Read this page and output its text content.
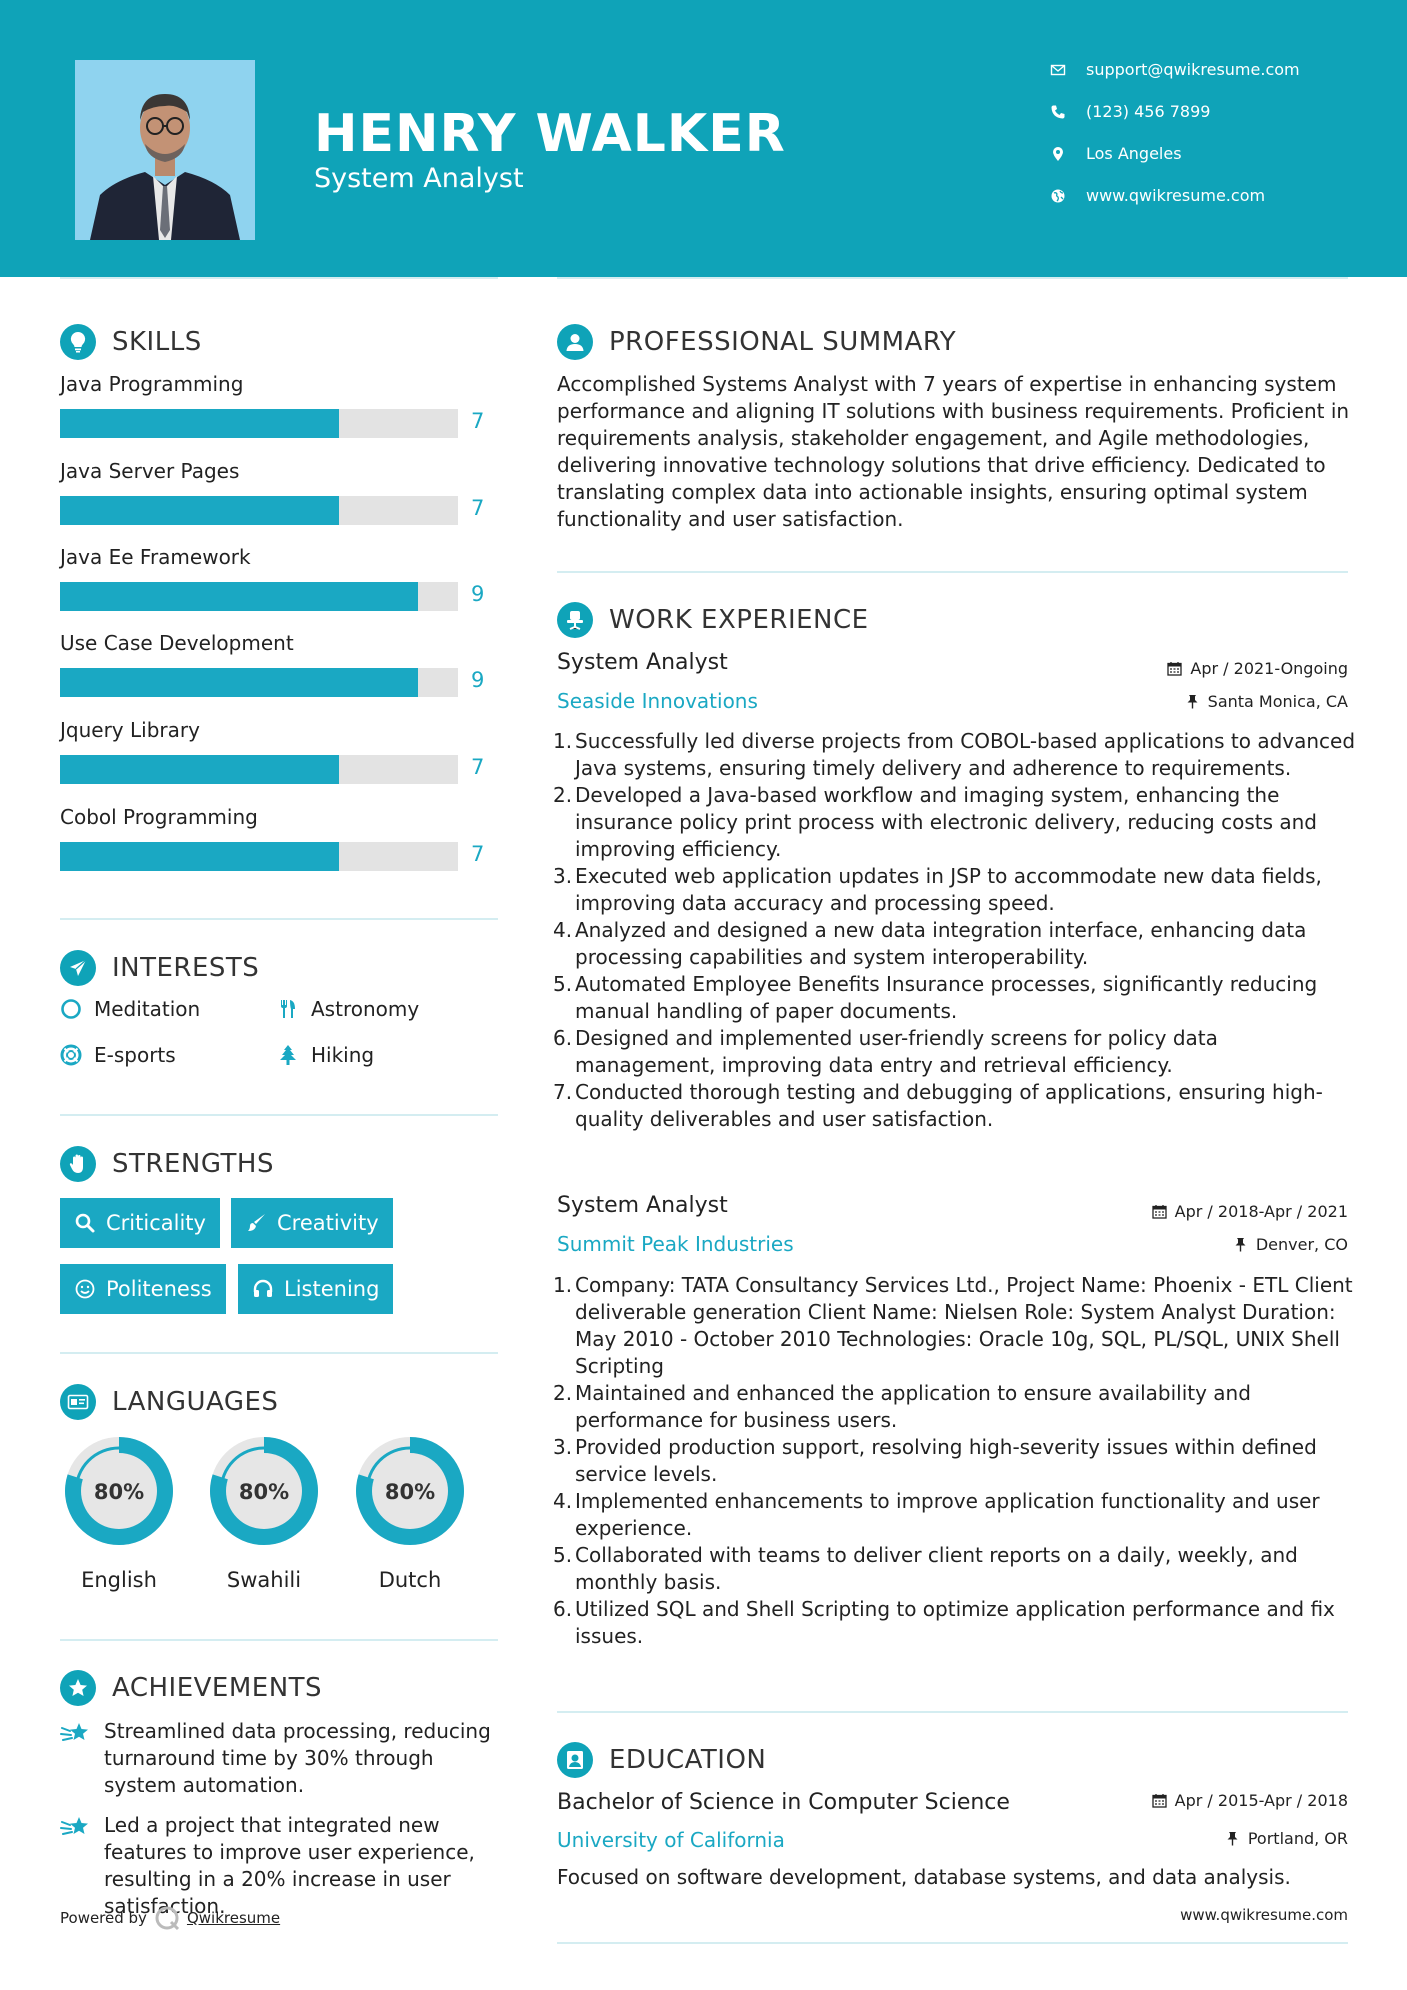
HENRY WALKER
System Analyst
support@qwikresume.com
(123) 456 7899
Los Angeles
www.qwikresume.com
SKILLS
Java Programming
7
Java Server Pages
7
Java Ee Framework
9
Use Case Development
9
Jquery Library
7
Cobol Programming
7
INTERESTS
Meditation	Astronomy
E-sports	Hiking
STRENGTHS
Criticality	Creativity
Politeness	Listening
LANGUAGES
80%
English
80%
Swahili
80%
Dutch
ACHIEVEMENTS
Streamlined data processing, reducing turnaround time by 30% through system automation.
Led a project that integrated new features to improve user experience, resulting in a 20% increase in user satisfaction.
PROFESSIONAL SUMMARY
Accomplished Systems Analyst with 7 years of expertise in enhancing system performance and aligning IT solutions with business requirements. Proficient in requirements analysis, stakeholder engagement, and Agile methodologies, delivering innovative technology solutions that drive efficiency. Dedicated to translating complex data into actionable insights, ensuring optimal system functionality and user satisfaction.
WORK EXPERIENCE
System Analyst	Apr / 2021-Ongoing
Seaside Innovations	Santa Monica, CA
1. Successfully led diverse projects from COBOL-based applications to advanced Java systems, ensuring timely delivery and adherence to requirements.
2. Developed a Java-based workflow and imaging system, enhancing the insurance policy print process with electronic delivery, reducing costs and improving efficiency.
3. Executed web application updates in JSP to accommodate new data fields, improving data accuracy and processing speed.
4. Analyzed and designed a new data integration interface, enhancing data processing capabilities and system interoperability.
5. Automated Employee Benefits Insurance processes, significantly reducing manual handling of paper documents.
6. Designed and implemented user-friendly screens for policy data management, improving data entry and retrieval efficiency.
7. Conducted thorough testing and debugging of applications, ensuring high-quality deliverables and user satisfaction.
System Analyst	Apr / 2018-Apr / 2021
Summit Peak Industries	Denver, CO
1. Company: TATA Consultancy Services Ltd., Project Name: Phoenix - ETL Client deliverable generation Client Name: Nielsen Role: System Analyst Duration: May 2010 - October 2010 Technologies: Oracle 10g, SQL, PL/SQL, UNIX Shell Scripting
2. Maintained and enhanced the application to ensure availability and performance for business users.
3. Provided production support, resolving high-severity issues within defined service levels.
4. Implemented enhancements to improve application functionality and user experience.
5. Collaborated with teams to deliver client reports on a daily, weekly, and monthly basis.
6. Utilized SQL and Shell Scripting to optimize application performance and fix issues.
EDUCATION
Bachelor of Science in Computer Science	Apr / 2015-Apr / 2018
University of California	Portland, OR
Focused on software development, database systems, and data analysis.
Powered by	Qwikresume	www.qwikresume.com
